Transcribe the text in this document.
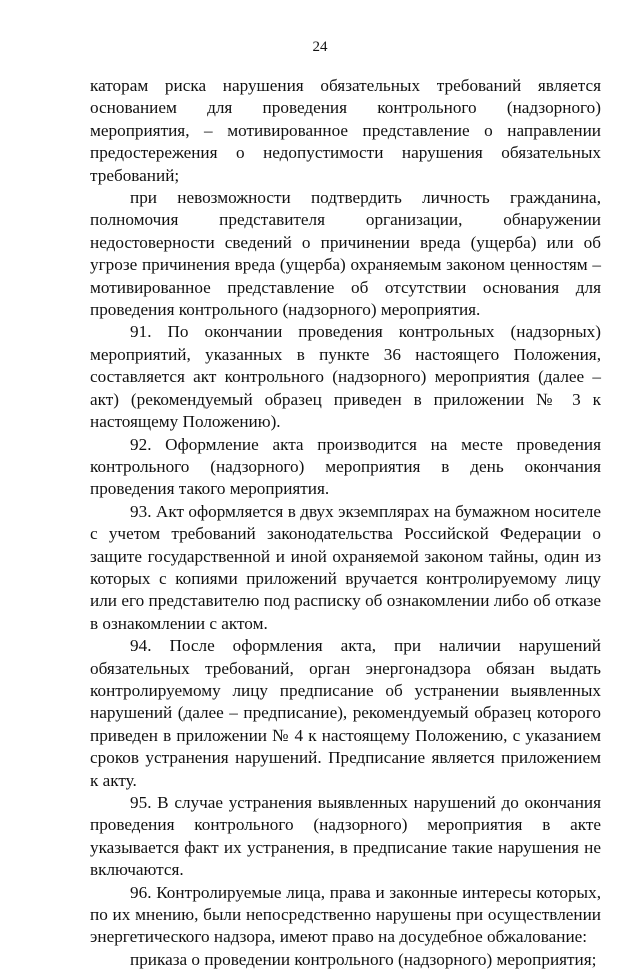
24

каторам риска нарушения обязательных требований является основанием для проведения контрольного (надзорного) мероприятия, – мотивированное представление о направлении предостережения о недопустимости нарушения обязательных требований;

при невозможности подтвердить личность гражданина, полномочия представителя организации, обнаружении недостоверности сведений о причинении вреда (ущерба) или об угрозе причинения вреда (ущерба) охраняемым законом ценностям – мотивированное представление об отсутствии основания для проведения контрольного (надзорного) мероприятия.

91. По окончании проведения контрольных (надзорных) мероприятий, указанных в пункте 36 настоящего Положения, составляется акт контрольного (надзорного) мероприятия (далее – акт) (рекомендуемый образец приведен в приложении № 3 к настоящему Положению).

92. Оформление акта производится на месте проведения контрольного (надзорного) мероприятия в день окончания проведения такого мероприятия.

93. Акт оформляется в двух экземплярах на бумажном носителе с учетом требований законодательства Российской Федерации о защите государственной и иной охраняемой законом тайны, один из которых с копиями приложений вручается контролируемому лицу или его представителю под расписку об ознакомлении либо об отказе в ознакомлении с актом.

94. После оформления акта, при наличии нарушений обязательных требований, орган энергонадзора обязан выдать контролируемому лицу предписание об устранении выявленных нарушений (далее – предписание), рекомендуемый образец которого приведен в приложении № 4 к настоящему Положению, с указанием сроков устранения нарушений. Предписание является приложением к акту.

95. В случае устранения выявленных нарушений до окончания проведения контрольного (надзорного) мероприятия в акте указывается факт их устранения, в предписание такие нарушения не включаются.

96. Контролируемые лица, права и законные интересы которых, по их мнению, были непосредственно нарушены при осуществлении энергетического надзора, имеют право на досудебное обжалование:

приказа о проведении контрольного (надзорного) мероприятия;
